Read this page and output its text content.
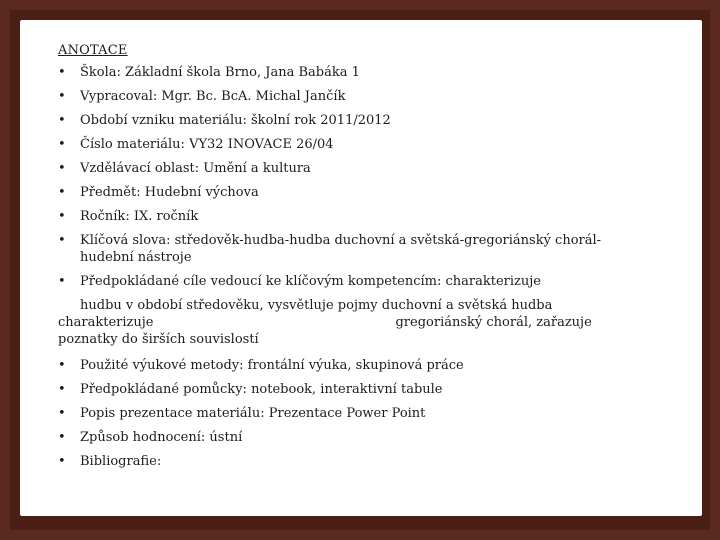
ANOTACE
• Škola: Základní škola Brno, Jana Babáka 1
• Vypracoval: Mgr. Bc. BcA. Michal Jančík
• Období vzniku materiálu: školní rok 2011/2012
• Číslo materiálu: VY32 INOVACE 26/04
• Vzdělávací oblast: Umění a kultura
• Předmět: Hudební výchova
• Ročník: IX. ročník
• Klíčová slova: středověk-hudba-hudba duchovní a světská-gregoriánský chorál-hudební nástroje
• Předpokládané cíle vedoucí ke klíčovým kompetencím: charakterizuje
hudbu v období středověku, vysvětluje pojmy duchovní a světská hudba
charakterizuje	gregoriánský chorál, zařazuje
poznatky do širších souvislostí
• Použité výukové metody: frontální výuka, skupinová práce
• Předpokládané pomůcky: notebook, interaktivní tabule
• Popis prezentace materiálu: Prezentace Power Point
• Způsob hodnocení: ústní
• Bibliografie:
